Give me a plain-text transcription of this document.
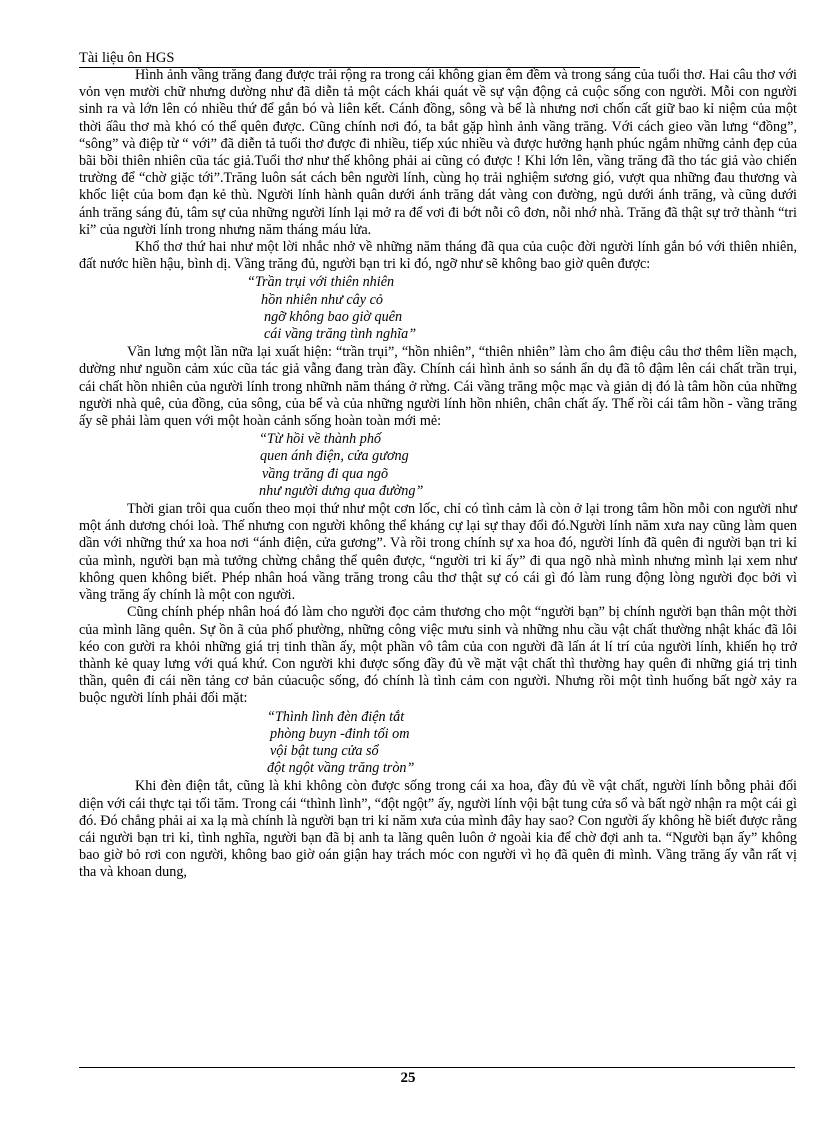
Tài liệu ôn HGS

Hình ảnh vầng trăng đang được trải rộng ra trong cái không gian êm đềm và trong sáng của tuổi thơ. Hai câu thơ với vỏn vẹn mười chữ nhưng dường như đã diễn tả một cách khái quát về sự vận động cả cuộc sống con người. Mỗi con người sinh ra và lớn lên có nhiều thứ để gắn bó và liên kết. Cánh đồng, sông và bể là nhưng nơi chốn cất giữ bao kỉ niệm của một thời ấâu thơ mà khó có thể quên được. Cũng chính nơi đó, ta bắt gặp hình ảnh vầng trăng. Với cách gieo vần lưng “đồng”, “sông” và điệp từ “ với” đã diễn tả tuổi thơ được đi nhiều, tiếp xúc nhiều và được hưởng hạnh phúc ngắm những cảnh đẹp của bãi bồi thiên nhiên cũa tác giả.Tuổi thơ như thế không phải ai cũng có được ! Khi lớn lên, vầng trăng đã tho tác giả vào chiến trường để “chờ giặc tới”.Trăng luôn sát cách bên người lính, cùng họ trải nghiệm sương gió, vượt qua những đau thương và khốc liệt của bom đạn kẻ thù. Người lính hành quân dưới ánh trăng dát vàng con đường, ngủ dưới ánh trăng, và cũng dưới ánh trăng sáng đủ, tâm sự của những người lính lại mở ra để vơi đi bớt nỗi cô đơn, nỗi nhớ nhà. Trăng đã thật sự trở thành “tri kỉ” của người lính trong nhưng năm tháng máu lửa.

Khổ thơ thứ hai như một lời nhắc nhở về những năm tháng đã qua của cuộc đời người lính gắn bó với thiên nhiên, đất nước hiền hậu, bình dị. Vầng trăng đủ, người bạn tri kỉ đó, ngỡ như sẽ không bao giờ quên được:

“Trần trụi với thiên nhiên
hồn nhiên như cây cỏ
ngỡ không bao giờ quên
cái vầng trăng tình nghĩa”

Vần lưng một lần nữa lại xuất hiện: “trần trụi”, “hồn nhiên”, “thiên nhiên” làm cho âm điệu câu thơ thêm liền mạch, dường như nguồn cảm xúc cũa tác giả vẫng đang tràn đầy. Chính cái hình ảnh so sánh ẩn dụ đã tô đậm lên cái chất trần trụi, cái chất hồn nhiên của người lính trong nhữnh năm tháng ở rừng. Cái vầng trăng mộc mạc và giản dị đó là tâm hồn của những người nhà quê, của đồng, của sông, của bể và của những người lính hồn nhiên, chân chất ấy. Thế rồi cái tâm hồn - vầng trăng ấy sẽ phải làm quen với một hoàn cảnh sống hoàn toàn mới mẻ:

“Từ hồi về thành phố
quen ánh điện, cửa gương
vầng trăng đi qua ngõ
như người dưng qua đường”

Thời gian trôi qua cuốn theo mọi thứ như một cơn lốc, chỉ có tình cảm là còn ở lại trong tâm hồn mỗi con người như một ánh dương chói loà. Thế nhưng con người không thể kháng cự lại sự thay đổi đó.Người lính năm xưa nay cũng làm quen dần với những thứ xa hoa nơi “ánh điện, cửa gương”. Và rồi trong chính sự xa hoa đó, người lính đã quên đi người bạn tri kỉ của mình, người bạn mà tưởng chừng chẳng thể quên được, “người tri kỉ ấy” đi qua ngõ nhà mình nhưng mình lại xem như không quen không biết. Phép nhân hoá vầng trăng trong câu thơ thật sự có cái gì đó làm rung động lòng người đọc bởi vì vầng trăng ấy chính là một con người.

Cũng chính phép nhân hoá đó làm cho người đọc cảm thương cho một “người bạn” bị chính người bạn thân một thời của mình lãng quên. Sự ồn ã của phố phường, những công việc mưu sinh và những nhu cầu vật chất thường nhật khác đã lôi kéo con gười ra khỏi những giá trị tinh thần ấy, một phần vô tâm của con người đã lấn át lí trí của người lính, khiến họ trở thành kẻ quay lưng với quá khứ. Con người khi được sống đầy đủ về mặt vật chất thì thường hay quên đi những giá trị tinh thần, quên đi cái nền tảng cơ bản củacuộc sống, đó chính là tình cảm con người. Nhưng rồi một tình huống bất ngờ xảy ra buộc người lính phải đối mặt:

“Thình lình đèn điện tắt
phòng buyn -đinh tối om
vội bật tung cửa sổ
đột ngột vầng trăng tròn”

Khi đèn điện tắt, cũng là khi không còn được sống trong cái xa hoa, đầy đủ về vật chất, người lính bỗng phải đối diện với cái thực tại tối tăm. Trong cái “thình lình”, “đột ngột” ấy, người lính vội bật tung cửa sổ và bất ngờ nhận ra một cái gì đó. Đó chẳng phải ai xa lạ mà chính là người bạn tri kỉ năm xưa của mình đây hay sao? Con người ấy không hề biết được rằng cái người bạn tri kỉ, tình nghĩa, người bạn đã bị anh ta lãng quên luôn ở ngoài kia để chờ đợi anh ta. “Người bạn ấy” không bao giờ bỏ rơi con người, không bao giờ oán giận hay trách móc con người vì họ đã quên đi mình. Vầng trăng ấy vẫn rất vị tha và khoan dung,

25
